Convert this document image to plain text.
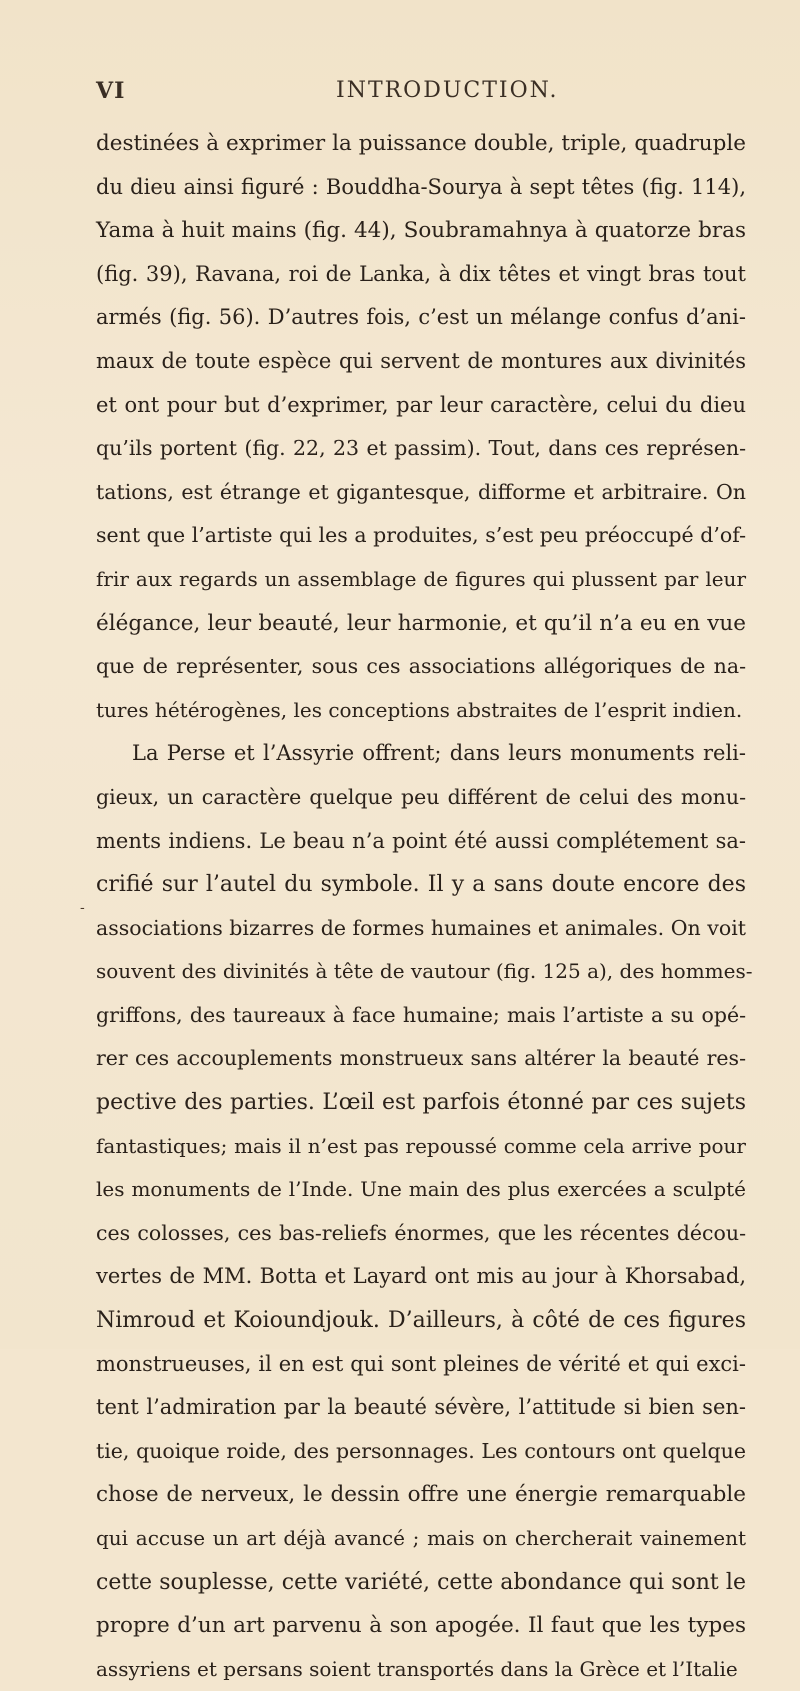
VI	INTRODUCTION.
-
destinées à exprimer la puissance double, triple, quadruple
du dieu ainsi figuré : Bouddha-Sourya à sept têtes (fig. 114),
Yama à huit mains (fig. 44), Soubramahnya à quatorze bras
(fig. 39), Ravana, roi de Lanka, à dix têtes et vingt bras tout
armés (fig. 56). D’autres fois, c’est un mélange confus d’ani-
maux de toute espèce qui servent de montures aux divinités
et ont pour but d’exprimer, par leur caractère, celui du dieu
qu’ils portent (fig. 22, 23 et passim). Tout, dans ces représen-
tations, est étrange et gigantesque, difforme et arbitraire. On
sent que l’artiste qui les a produites, s’est peu préoccupé d’of-
frir aux regards un assemblage de figures qui plussent par leur
élégance, leur beauté, leur harmonie, et qu’il n’a eu en vue
que de représenter, sous ces associations allégoriques de na-
tures hétérogènes, les conceptions abstraites de l’esprit indien.
La Perse et l’Assyrie offrent; dans leurs monuments reli-
gieux, un caractère quelque peu différent de celui des monu-
ments indiens. Le beau n’a point été aussi complétement sa-
crifié sur l’autel du symbole. Il y a sans doute encore des
associations bizarres de formes humaines et animales. On voit
souvent des divinités à tête de vautour (fig. 125 a), des hommes-
griffons, des taureaux à face humaine; mais l’artiste a su opé-
rer ces accouplements monstrueux sans altérer la beauté res-
pective des parties. L’œil est parfois étonné par ces sujets
fantastiques; mais il n’est pas repoussé comme cela arrive pour
les monuments de l’Inde. Une main des plus exercées a sculpté
ces colosses, ces bas-reliefs énormes, que les récentes décou-
vertes de MM. Botta et Layard ont mis au jour à Khorsabad,
Nimroud et Koioundjouk. D’ailleurs, à côté de ces figures
monstrueuses, il en est qui sont pleines de vérité et qui exci-
tent l’admiration par la beauté sévère, l’attitude si bien sen-
tie, quoique roide, des personnages. Les contours ont quelque
chose de nerveux, le dessin offre une énergie remarquable
qui accuse un art déjà avancé ; mais on chercherait vainement
cette souplesse, cette variété, cette abondance qui sont le
propre d’un art parvenu à son apogée. Il faut que les types
assyriens et persans soient transportés dans la Grèce et l’Italie
